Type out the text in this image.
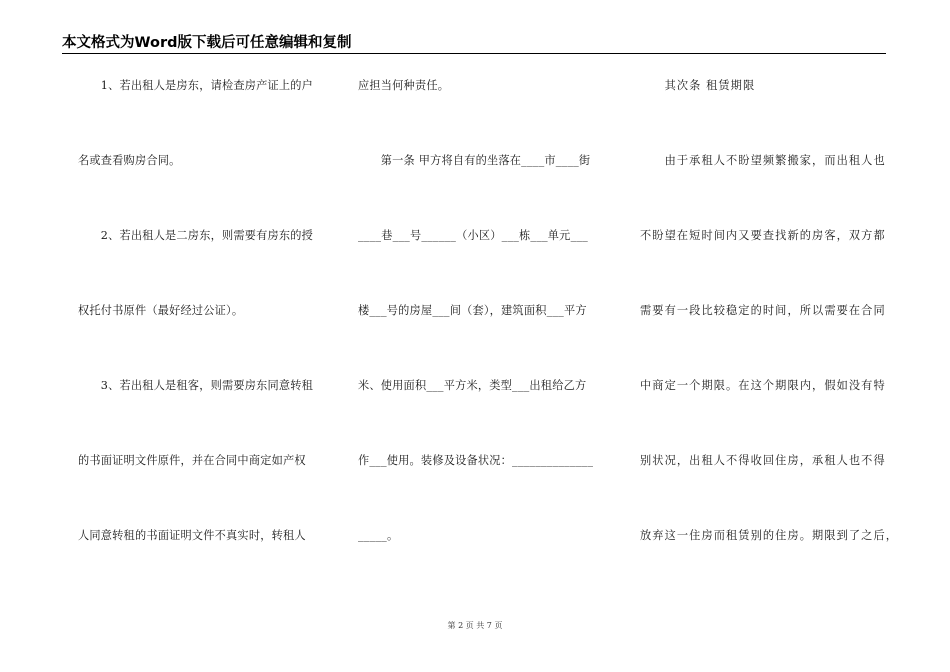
本文格式为Word版下载后可任意编辑和复制
　　1、若出租人是房东，请检查房产证上的户
名或查看购房合同。
　　2、若出租人是二房东，则需要有房东的授
权托付书原件（最好经过公证）。
　　3、若出租人是租客，则需要房东同意转租
的书面证明文件原件，并在合同中商定如产权
人同意转租的书面证明文件不真实时，转租人
应担当何种责任。
　　第一条 甲方将自有的坐落在____市____街
____巷___号______（小区）___栋___单元___
楼___号的房屋___间（套），建筑面积___平方
米、使用面积___平方米，类型___出租给乙方
作___使用。装修及设备状况：______________
_____。
　　其次条 租赁期限
　　由于承租人不盼望频繁搬家，而出租人也
不盼望在短时间内又要查找新的房客，双方都
需要有一段比较稳定的时间，所以需要在合同
中商定一个期限。在这个期限内，假如没有特
别状况，出租人不得收回住房，承租人也不得
放弃这一住房而租赁别的住房。期限到了之后，
第 2 页 共 7 页
